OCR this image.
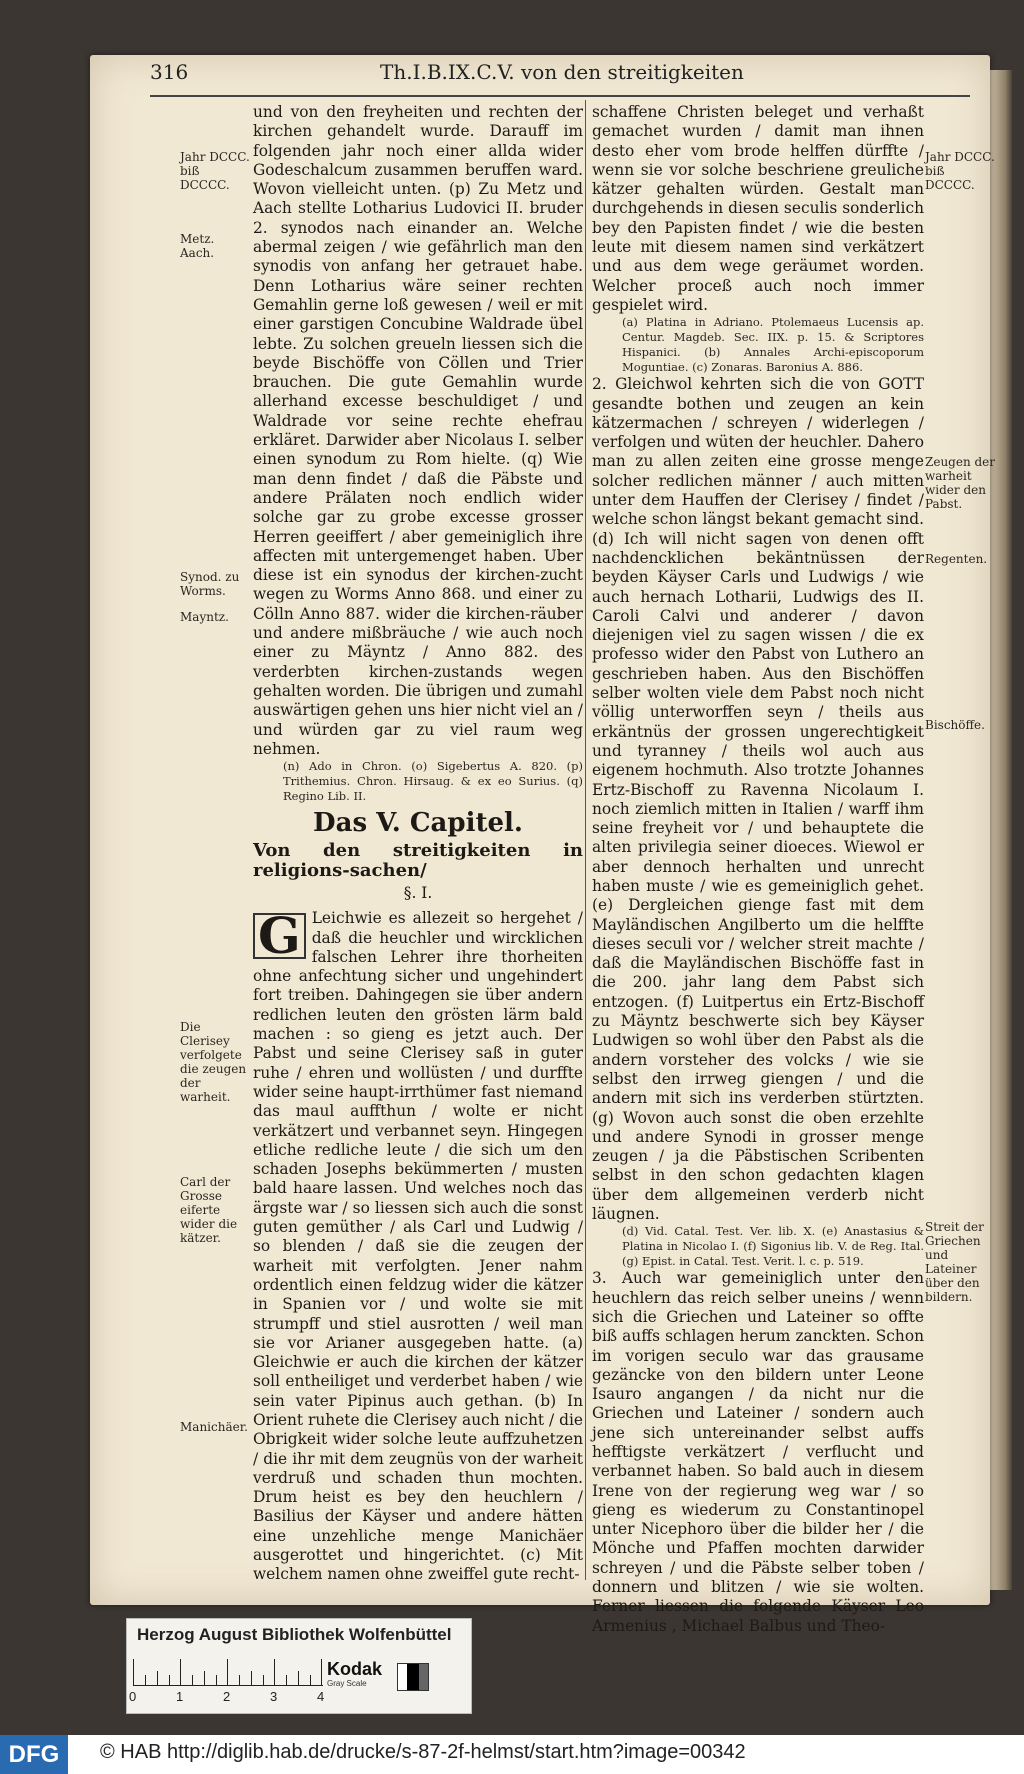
316	Th.I.B.IX.C.V. von den streitigkeiten

und von den freyheiten und rechten der kirchen gehandelt wurde. Darauff im folgenden jahr noch einer allda wider Godeschalcum zusammen beruffen ward. Wovon vielleicht unten. (p) Zu Metz und Aach stellte Lotharius Ludovici II. bruder 2. synodos nach einander an. Welche abermal zeigen / wie gefährlich man den synodis von anfang her getrauet habe. Denn Lotharius wäre seiner rechten Gemahlin gerne loß gewesen / weil er mit einer garstigen Concubine Waldrade übel lebte. Zu solchen greueln liessen sich die beyde Bischöffe von Cöllen und Trier brauchen. Die gute Gemahlin wurde allerhand excesse beschuldiget / und Waldrade vor seine rechte ehefrau erkläret. Darwider aber Nicolaus I. selber einen synodum zu Rom hielte. (q) Wie man denn findet / daß die Päbste und andere Prälaten noch endlich wider solche gar zu grobe excesse grosser Herren geeiffert / aber gemeiniglich ihre affecten mit untergemenget haben. Uber diese ist ein synodus der kirchen-zucht wegen zu Worms Anno 868. und einer zu Cölln Anno 887. wider die kirchen-räuber und andere mißbräuche / wie auch noch einer zu Mäyntz / Anno 882. des verderbten kirchen-zustands wegen gehalten worden. Die übrigen und zumahl auswärtigen gehen uns hier nicht viel an / und würden gar zu viel raum weg nehmen.

(n) Ado in Chron. (o) Sigebertus A. 820. (p) Trithemius. Chron. Hirsaug. & ex eo Surius. (q) Regino Lib. II.

Das V. Capitel.
Von den streitigkeiten in religions-sachen/
§. I.
G Leichwie es allezeit so hergehet / daß die heuchler und wircklichen falschen Lehrer ihre thorheiten ohne anfechtung sicher und ungehindert fort treiben. Dahingegen sie über andern redlichen leuten den grösten lärm bald machen : so gieng es jetzt auch. Der Pabst und seine Clerisey saß in guter ruhe / ehren und wollüsten / und durffte wider seine haupt-irrthümer fast niemand das maul auffthun / wolte er nicht verkätzert und verbannet seyn. Hingegen etliche redliche leute / die sich um den schaden Josephs bekümmerten / musten bald haare lassen. Und welches noch das ärgste war / so liessen sich auch die sonst guten gemüther / als Carl und Ludwig / so blenden / daß sie die zeugen der warheit mit verfolgten. Jener nahm ordentlich einen feldzug wider die kätzer in Spanien vor / und wolte sie mit strumpff und stiel ausrotten / weil man sie vor Arianer ausgegeben hatte. (a) Gleichwie er auch die kirchen der kätzer soll entheiliget und verderbet haben / wie sein vater Pipinus auch gethan. (b) In Orient ruhete die Clerisey auch nicht / die Obrigkeit wider solche leute auffzuhetzen / die ihr mit dem zeugnüs von der warheit verdruß und schaden thun mochten. Drum heist es bey den heuchlern / Basilius der Käyser und andere hätten eine unzehliche menge Manichäer ausgerottet und hingerichtet. (c) Mit welchem namen ohne zweiffel gute recht-

schaffene Christen beleget und verhaßt gemachet wurden / damit man ihnen desto eher vom brode helffen dürffte / wenn sie vor solche beschriene greuliche kätzer gehalten würden. Gestalt man durchgehends in diesen seculis sonderlich bey den Papisten findet / wie die besten leute mit diesem namen sind verkätzert und aus dem wege geräumet worden. Welcher proceß auch noch immer gespielet wird.

(a) Platina in Adriano. Ptolemaeus Lucensis ap. Centur. Magdeb. Sec. IIX. p. 15. & Scriptores Hispanici. (b) Annales Archi-episcoporum Moguntiae. (c) Zonaras. Baronius A. 886.

2. Gleichwol kehrten sich die von GOTT gesandte bothen und zeugen an kein kätzermachen / schreyen / widerlegen / verfolgen und wüten der heuchler. Dahero man zu allen zeiten eine grosse menge solcher redlichen männer / auch mitten unter dem Hauffen der Clerisey / findet / welche schon längst bekant gemacht sind. (d) Ich will nicht sagen von denen offt nachdencklichen bekäntnüssen der beyden Käyser Carls und Ludwigs / wie auch hernach Lotharii, Ludwigs des II. Caroli Calvi und anderer / davon diejenigen viel zu sagen wissen / die ex professo wider den Pabst von Luthero an geschrieben haben. Aus den Bischöffen selber wolten viele dem Pabst noch nicht völlig unterworffen seyn / theils aus erkäntnüs der grossen ungerechtigkeit und tyranney / theils wol auch aus eigenem hochmuth. Also trotzte Johannes Ertz-Bischoff zu Ravenna Nicolaum I. noch ziemlich mitten in Italien / warff ihm seine freyheit vor / und behauptete die alten privilegia seiner dioeces. Wiewol er aber dennoch herhalten und unrecht haben muste / wie es gemeiniglich gehet. (e) Dergleichen gienge fast mit dem Mayländischen Angilberto um die helffte dieses seculi vor / welcher streit machte / daß die Mayländischen Bischöffe fast in die 200. jahr lang dem Pabst sich entzogen. (f) Luitpertus ein Ertz-Bischoff zu Mäyntz beschwerte sich bey Käyser Ludwigen so wohl über den Pabst als die andern vorsteher des volcks / wie sie selbst den irrweg giengen / und die andern mit sich ins verderben stürtzten. (g) Wovon auch sonst die oben erzehlte und andere Synodi in grosser menge zeugen / ja die Päbstischen Scribenten selbst in den schon gedachten klagen über dem allgemeinen verderb nicht läugnen.

(d) Vid. Catal. Test. Ver. lib. X. (e) Anastasius & Platina in Nicolao I. (f) Sigonius lib. V. de Reg. Ital. (g) Epist. in Catal. Test. Verit. l. c. p. 519.

3. Auch war gemeiniglich unter den heuchlern das reich selber uneins / wenn sich die Griechen und Lateiner so offte biß auffs schlagen herum zanckten. Schon im vorigen seculo war das grausame gezäncke von den bildern unter Leone Isauro angangen / da nicht nur die Griechen und Lateiner / sondern auch jene sich untereinander selbst auffs hefftigste verkätzert / verflucht und verbannet haben. So bald auch in diesem Irene von der regierung weg war / so gieng es wiederum zu Constantinopel unter Nicephoro über die bilder her / die Mönche und Pfaffen mochten darwider schreyen / und die Päbste selber toben / donnern und blitzen / wie sie wolten. Ferner liessen die folgende Käyser Leo Armenius , Michael Balbus und Theo-

Jahr DCCC. biß DCCCC.
Metz. Aach.
Synod. zu Worms.
Mayntz.
Die Clerisey verfolgete die zeugen der warheit.
Carl der Grosse eiferte wider die kätzer.
Manichäer.
Jahr DCCC. biß DCCCC.
Zeugen der warheit wider den Pabst.
Regenten.
Bischöffe.
Streit der Griechen und Lateiner über den bildern.
Herzog August Bibliothek Wolfenbüttel
0	1	2	3	4
Kodak
Gray Scale
DFG	© HAB http://diglib.hab.de/drucke/s-87-2f-helmst/start.htm?image=00342
